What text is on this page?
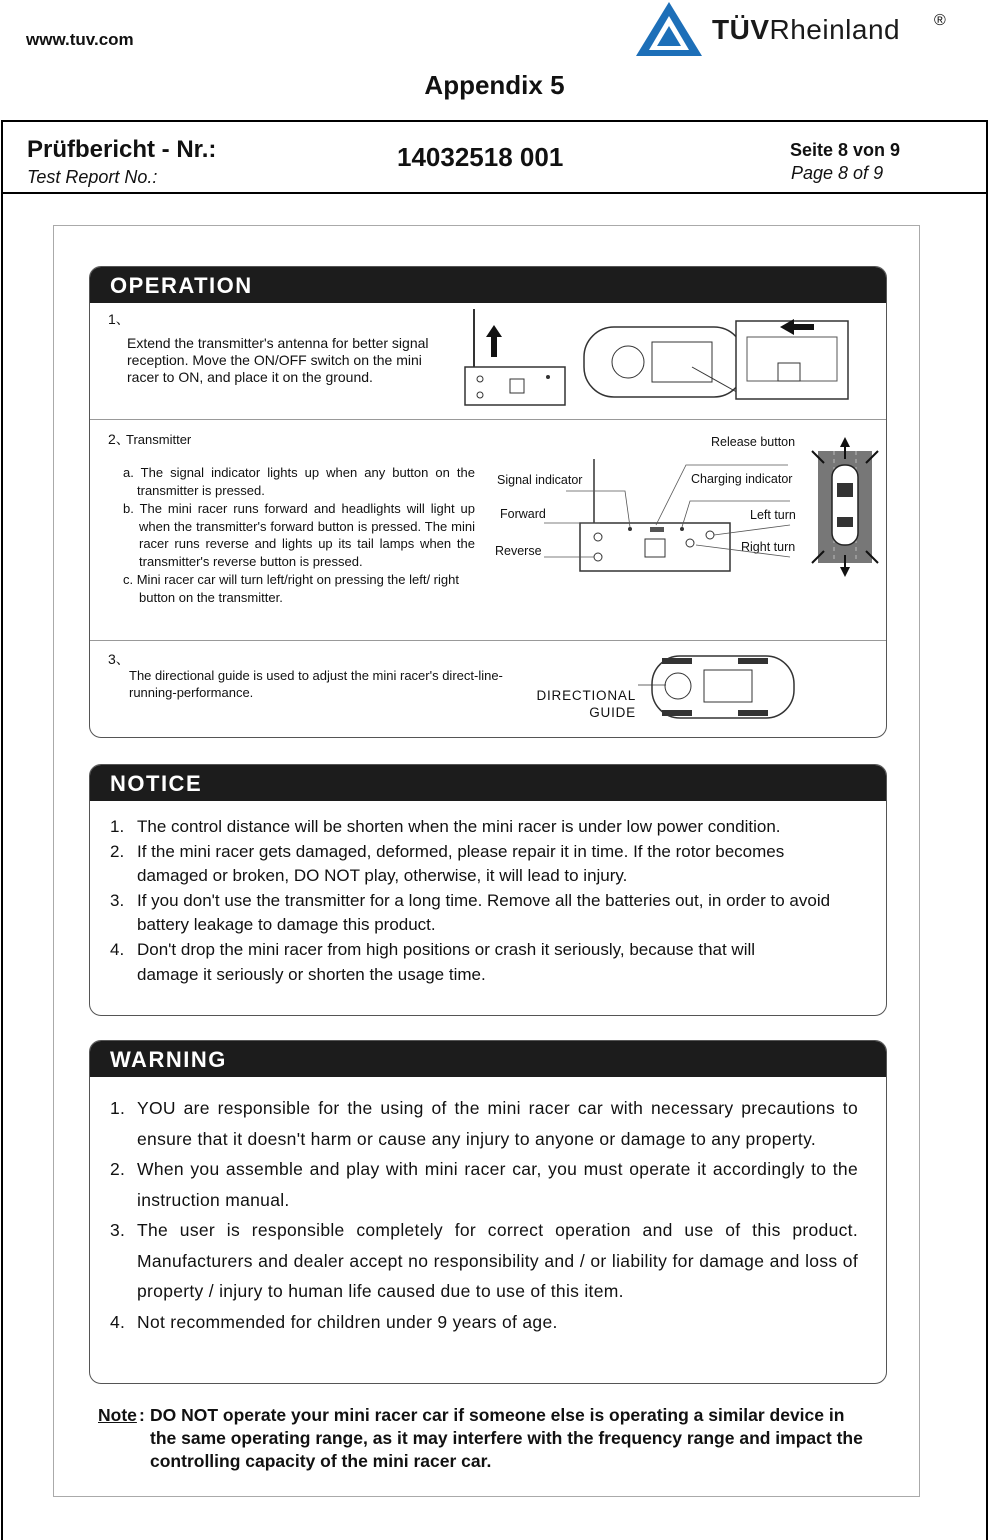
www.tuv.com	TÜVRheinland ®
Appendix 5
Prüfbericht - Nr.:
Test Report No.:
14032518 001	Seite 8 von 9
Page 8 of 9
OPERATION
1、
Extend the transmitter's antenna for better signal reception. Move the ON/OFF switch on the mini racer to ON, and place it on the ground.
2、
Transmitter
a. The signal indicator lights up when any button on the transmitter is pressed.
b. The mini racer runs forward and headlights will light up when the transmitter's forward button is pressed. The mini racer runs reverse and lights up its tail lamps when the transmitter's reverse button is pressed.
c. Mini racer car will turn left/right on pressing the left/ right button on the transmitter.
Signal indicator
Forward
Reverse
Release button
Charging indicator
Left turn
Right turn
3、
The directional guide is used to adjust the mini racer's direct-line-running-performance.	DIRECTIONAL
GUIDE
NOTICE
1. The control distance will be shorten when the mini racer is under low power condition.
2. If the mini racer gets damaged, deformed, please repair it in time. If the rotor becomes damaged or broken, DO NOT play, otherwise, it will lead to injury.
3. If you don't use the transmitter for a long time. Remove all the batteries out, in order to avoid battery leakage to damage this product.
4. Don't drop the mini racer from high positions or crash it seriously, because that will damage it seriously or shorten the usage time.
WARNING
1. YOU are responsible for the using of the mini racer car with necessary precautions to ensure that it doesn't harm or cause any injury to anyone or damage to any property.
2. When you assemble and play with mini racer car, you must operate it accordingly to the instruction manual.
3. The user is responsible completely for correct operation and use of this product. Manufacturers and dealer accept no responsibility and / or liability for damage and loss of property / injury to human life caused due to use of this item.
4. Not recommended for children under 9 years of age.
Note : DO NOT operate your mini racer car if someone else is operating a similar device in the same operating range, as it may interfere with the frequency range and impact the controlling capacity of the mini racer car.
